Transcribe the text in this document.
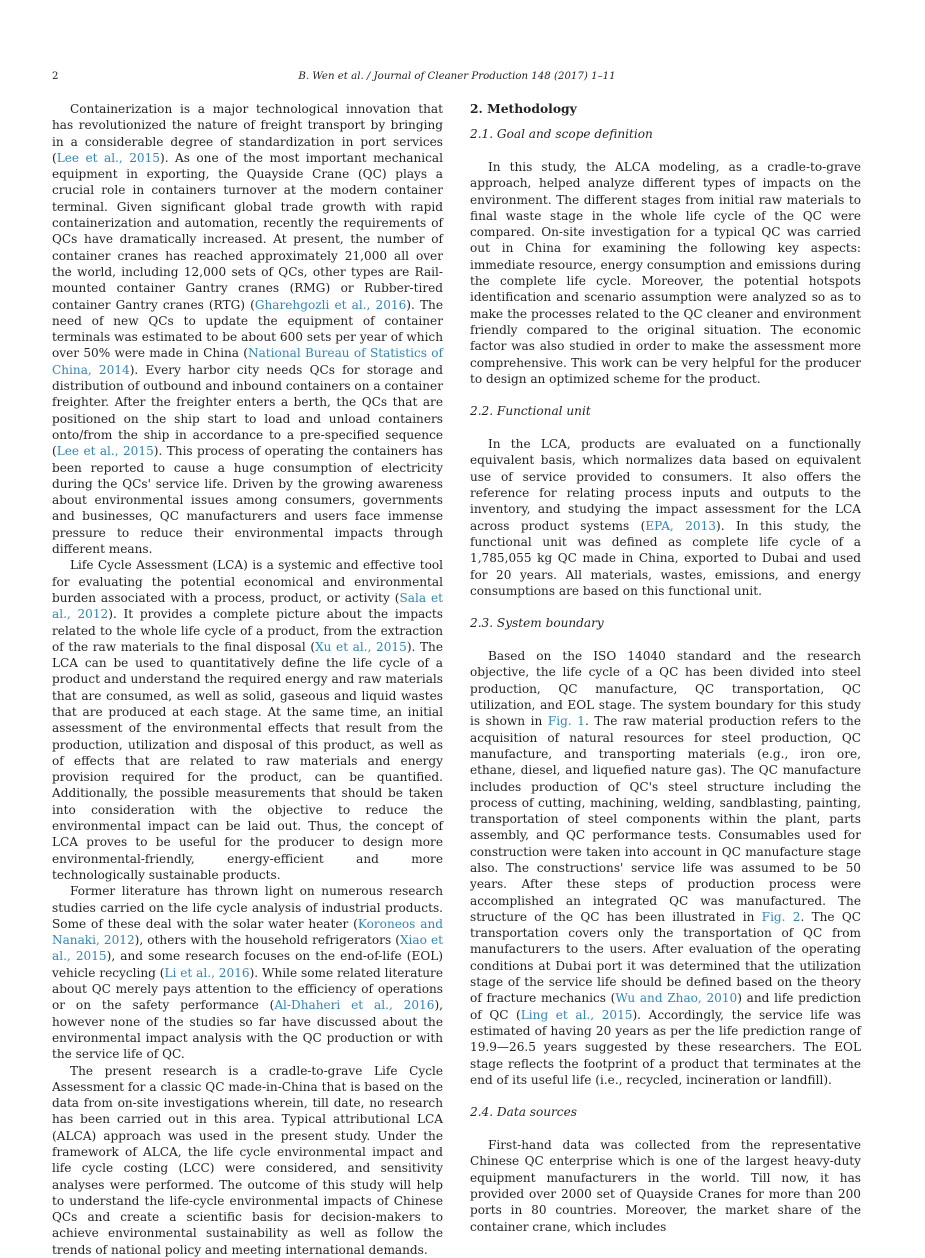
2	B. Wen et al. / Journal of Cleaner Production 148 (2017) 1–11

Containerization is a major technological innovation that has revolutionized the nature of freight transport by bringing in a considerable degree of standardization in port services (Lee et al., 2015). As one of the most important mechanical equipment in exporting, the Quayside Crane (QC) plays a crucial role in containers turnover at the modern container terminal. Given significant global trade growth with rapid containerization and automation, recently the requirements of QCs have dramatically increased. At present, the number of container cranes has reached approximately 21,000 all over the world, including 12,000 sets of QCs, other types are Rail-mounted container Gantry cranes (RMG) or Rubber-tired container Gantry cranes (RTG) (Gharehgozli et al., 2016). The need of new QCs to update the equipment of container terminals was estimated to be about 600 sets per year of which over 50% were made in China (National Bureau of Statistics of China, 2014). Every harbor city needs QCs for storage and distribution of outbound and inbound containers on a container freighter. After the freighter enters a berth, the QCs that are positioned on the ship start to load and unload containers onto/from the ship in accordance to a pre-specified sequence (Lee et al., 2015). This process of operating the containers has been reported to cause a huge consumption of electricity during the QCs' service life. Driven by the growing awareness about environmental issues among consumers, governments and businesses, QC manufacturers and users face immense pressure to reduce their environmental impacts through different means.

Life Cycle Assessment (LCA) is a systemic and effective tool for evaluating the potential economical and environmental burden associated with a process, product, or activity (Sala et al., 2012). It provides a complete picture about the impacts related to the whole life cycle of a product, from the extraction of the raw materials to the final disposal (Xu et al., 2015). The LCA can be used to quantitatively define the life cycle of a product and understand the required energy and raw materials that are consumed, as well as solid, gaseous and liquid wastes that are produced at each stage. At the same time, an initial assessment of the environmental effects that result from the production, utilization and disposal of this product, as well as of effects that are related to raw materials and energy provision required for the product, can be quantified. Additionally, the possible measurements that should be taken into consideration with the objective to reduce the environmental impact can be laid out. Thus, the concept of LCA proves to be useful for the producer to design more environmental-friendly, energy-efficient and more technologically sustainable products.

Former literature has thrown light on numerous research studies carried on the life cycle analysis of industrial products. Some of these deal with the solar water heater (Koroneos and Nanaki, 2012), others with the household refrigerators (Xiao et al., 2015), and some research focuses on the end-of-life (EOL) vehicle recycling (Li et al., 2016). While some related literature about QC merely pays attention to the efficiency of operations or on the safety performance (Al-Dhaheri et al., 2016), however none of the studies so far have discussed about the environmental impact analysis with the QC production or with the service life of QC.

The present research is a cradle-to-grave Life Cycle Assessment for a classic QC made-in-China that is based on the data from on-site investigations wherein, till date, no research has been carried out in this area. Typical attributional LCA (ALCA) approach was used in the present study. Under the framework of ALCA, the life cycle environmental impact and life cycle costing (LCC) were considered, and sensitivity analyses were performed. The outcome of this study will help to understand the life-cycle environmental impacts of Chinese QCs and create a scientific basis for decision-makers to achieve environmental sustainability as well as follow the trends of national policy and meeting international demands.

2. Methodology
2.1. Goal and scope definition

In this study, the ALCA modeling, as a cradle-to-grave approach, helped analyze different types of impacts on the environment. The different stages from initial raw materials to final waste stage in the whole life cycle of the QC were compared. On-site investigation for a typical QC was carried out in China for examining the following key aspects: immediate resource, energy consumption and emissions during the complete life cycle. Moreover, the potential hotspots identification and scenario assumption were analyzed so as to make the processes related to the QC cleaner and environment friendly compared to the original situation. The economic factor was also studied in order to make the assessment more comprehensive. This work can be very helpful for the producer to design an optimized scheme for the product.

2.2. Functional unit

In the LCA, products are evaluated on a functionally equivalent basis, which normalizes data based on equivalent use of service provided to consumers. It also offers the reference for relating process inputs and outputs to the inventory, and studying the impact assessment for the LCA across product systems (EPA, 2013). In this study, the functional unit was defined as complete life cycle of a 1,785,055 kg QC made in China, exported to Dubai and used for 20 years. All materials, wastes, emissions, and energy consumptions are based on this functional unit.

2.3. System boundary

Based on the ISO 14040 standard and the research objective, the life cycle of a QC has been divided into steel production, QC manufacture, QC transportation, QC utilization, and EOL stage. The system boundary for this study is shown in Fig. 1. The raw material production refers to the acquisition of natural resources for steel production, QC manufacture, and transporting materials (e.g., iron ore, ethane, diesel, and liquefied nature gas). The QC manufacture includes production of QC's steel structure including the process of cutting, machining, welding, sandblasting, painting, transportation of steel components within the plant, parts assembly, and QC performance tests. Consumables used for construction were taken into account in QC manufacture stage also. The constructions' service life was assumed to be 50 years. After these steps of production process were accomplished an integrated QC was manufactured. The structure of the QC has been illustrated in Fig. 2. The QC transportation covers only the transportation of QC from manufacturers to the users. After evaluation of the operating conditions at Dubai port it was determined that the utilization stage of the service life should be defined based on the theory of fracture mechanics (Wu and Zhao, 2010) and life prediction of QC (Ling et al., 2015). Accordingly, the service life was estimated of having 20 years as per the life prediction range of 19.9—26.5 years suggested by these researchers. The EOL stage reflects the footprint of a product that terminates at the end of its useful life (i.e., recycled, incineration or landfill).

2.4. Data sources

First-hand data was collected from the representative Chinese QC enterprise which is one of the largest heavy-duty equipment manufacturers in the world. Till now, it has provided over 2000 set of Quayside Cranes for more than 200 ports in 80 countries. Moreover, the market share of the container crane, which includes
